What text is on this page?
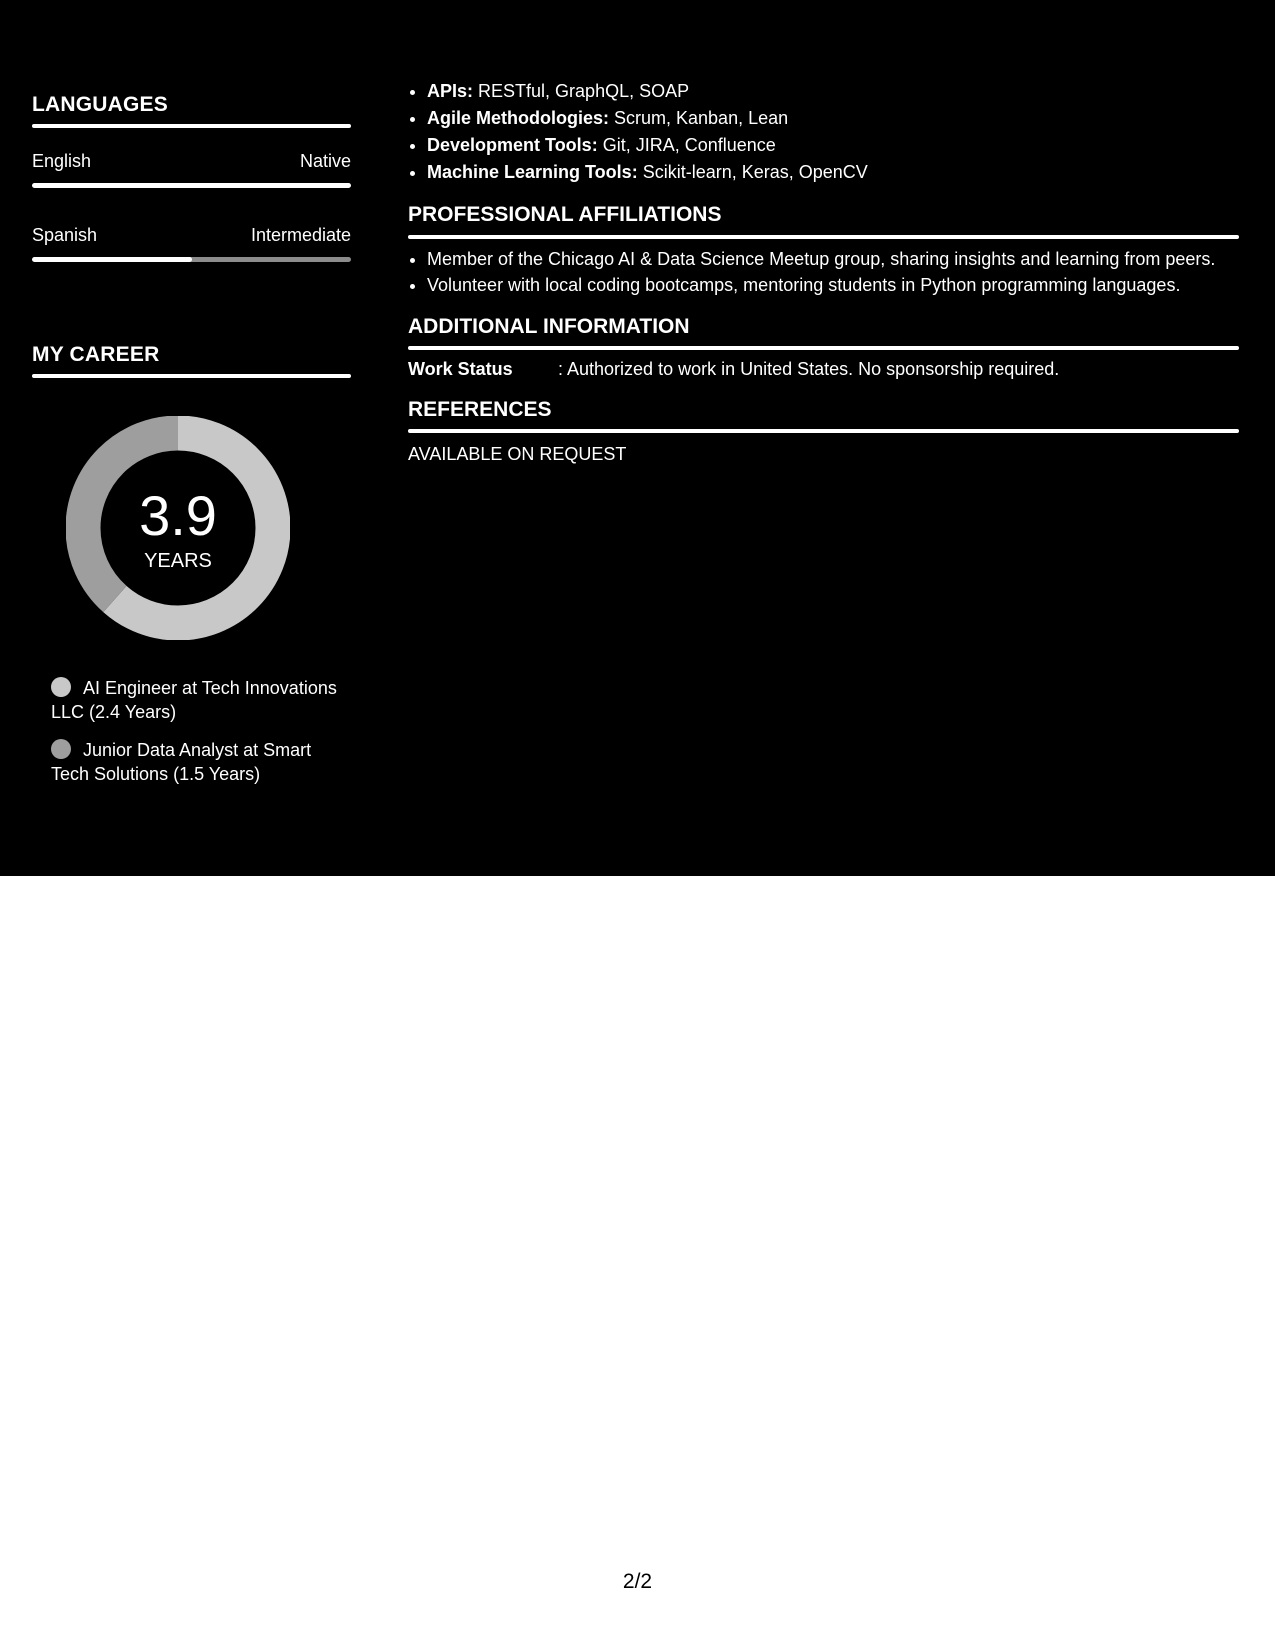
LANGUAGES
English	Native
Spanish	Intermediate
MY CAREER
3.9
YEARS
AI Engineer at Tech Innovations LLC (2.4 Years)
Junior Data Analyst at Smart Tech Solutions (1.5 Years)
• APIs: RESTful, GraphQL, SOAP
• Agile Methodologies: Scrum, Kanban, Lean
• Development Tools: Git, JIRA, Confluence
• Machine Learning Tools: Scikit-learn, Keras, OpenCV
PROFESSIONAL AFFILIATIONS
• Member of the Chicago AI & Data Science Meetup group, sharing insights and learning from peers.
• Volunteer with local coding bootcamps, mentoring students in Python programming languages.
ADDITIONAL INFORMATION
Work Status	: Authorized to work in United States. No sponsorship required.
REFERENCES
AVAILABLE ON REQUEST
2/2
